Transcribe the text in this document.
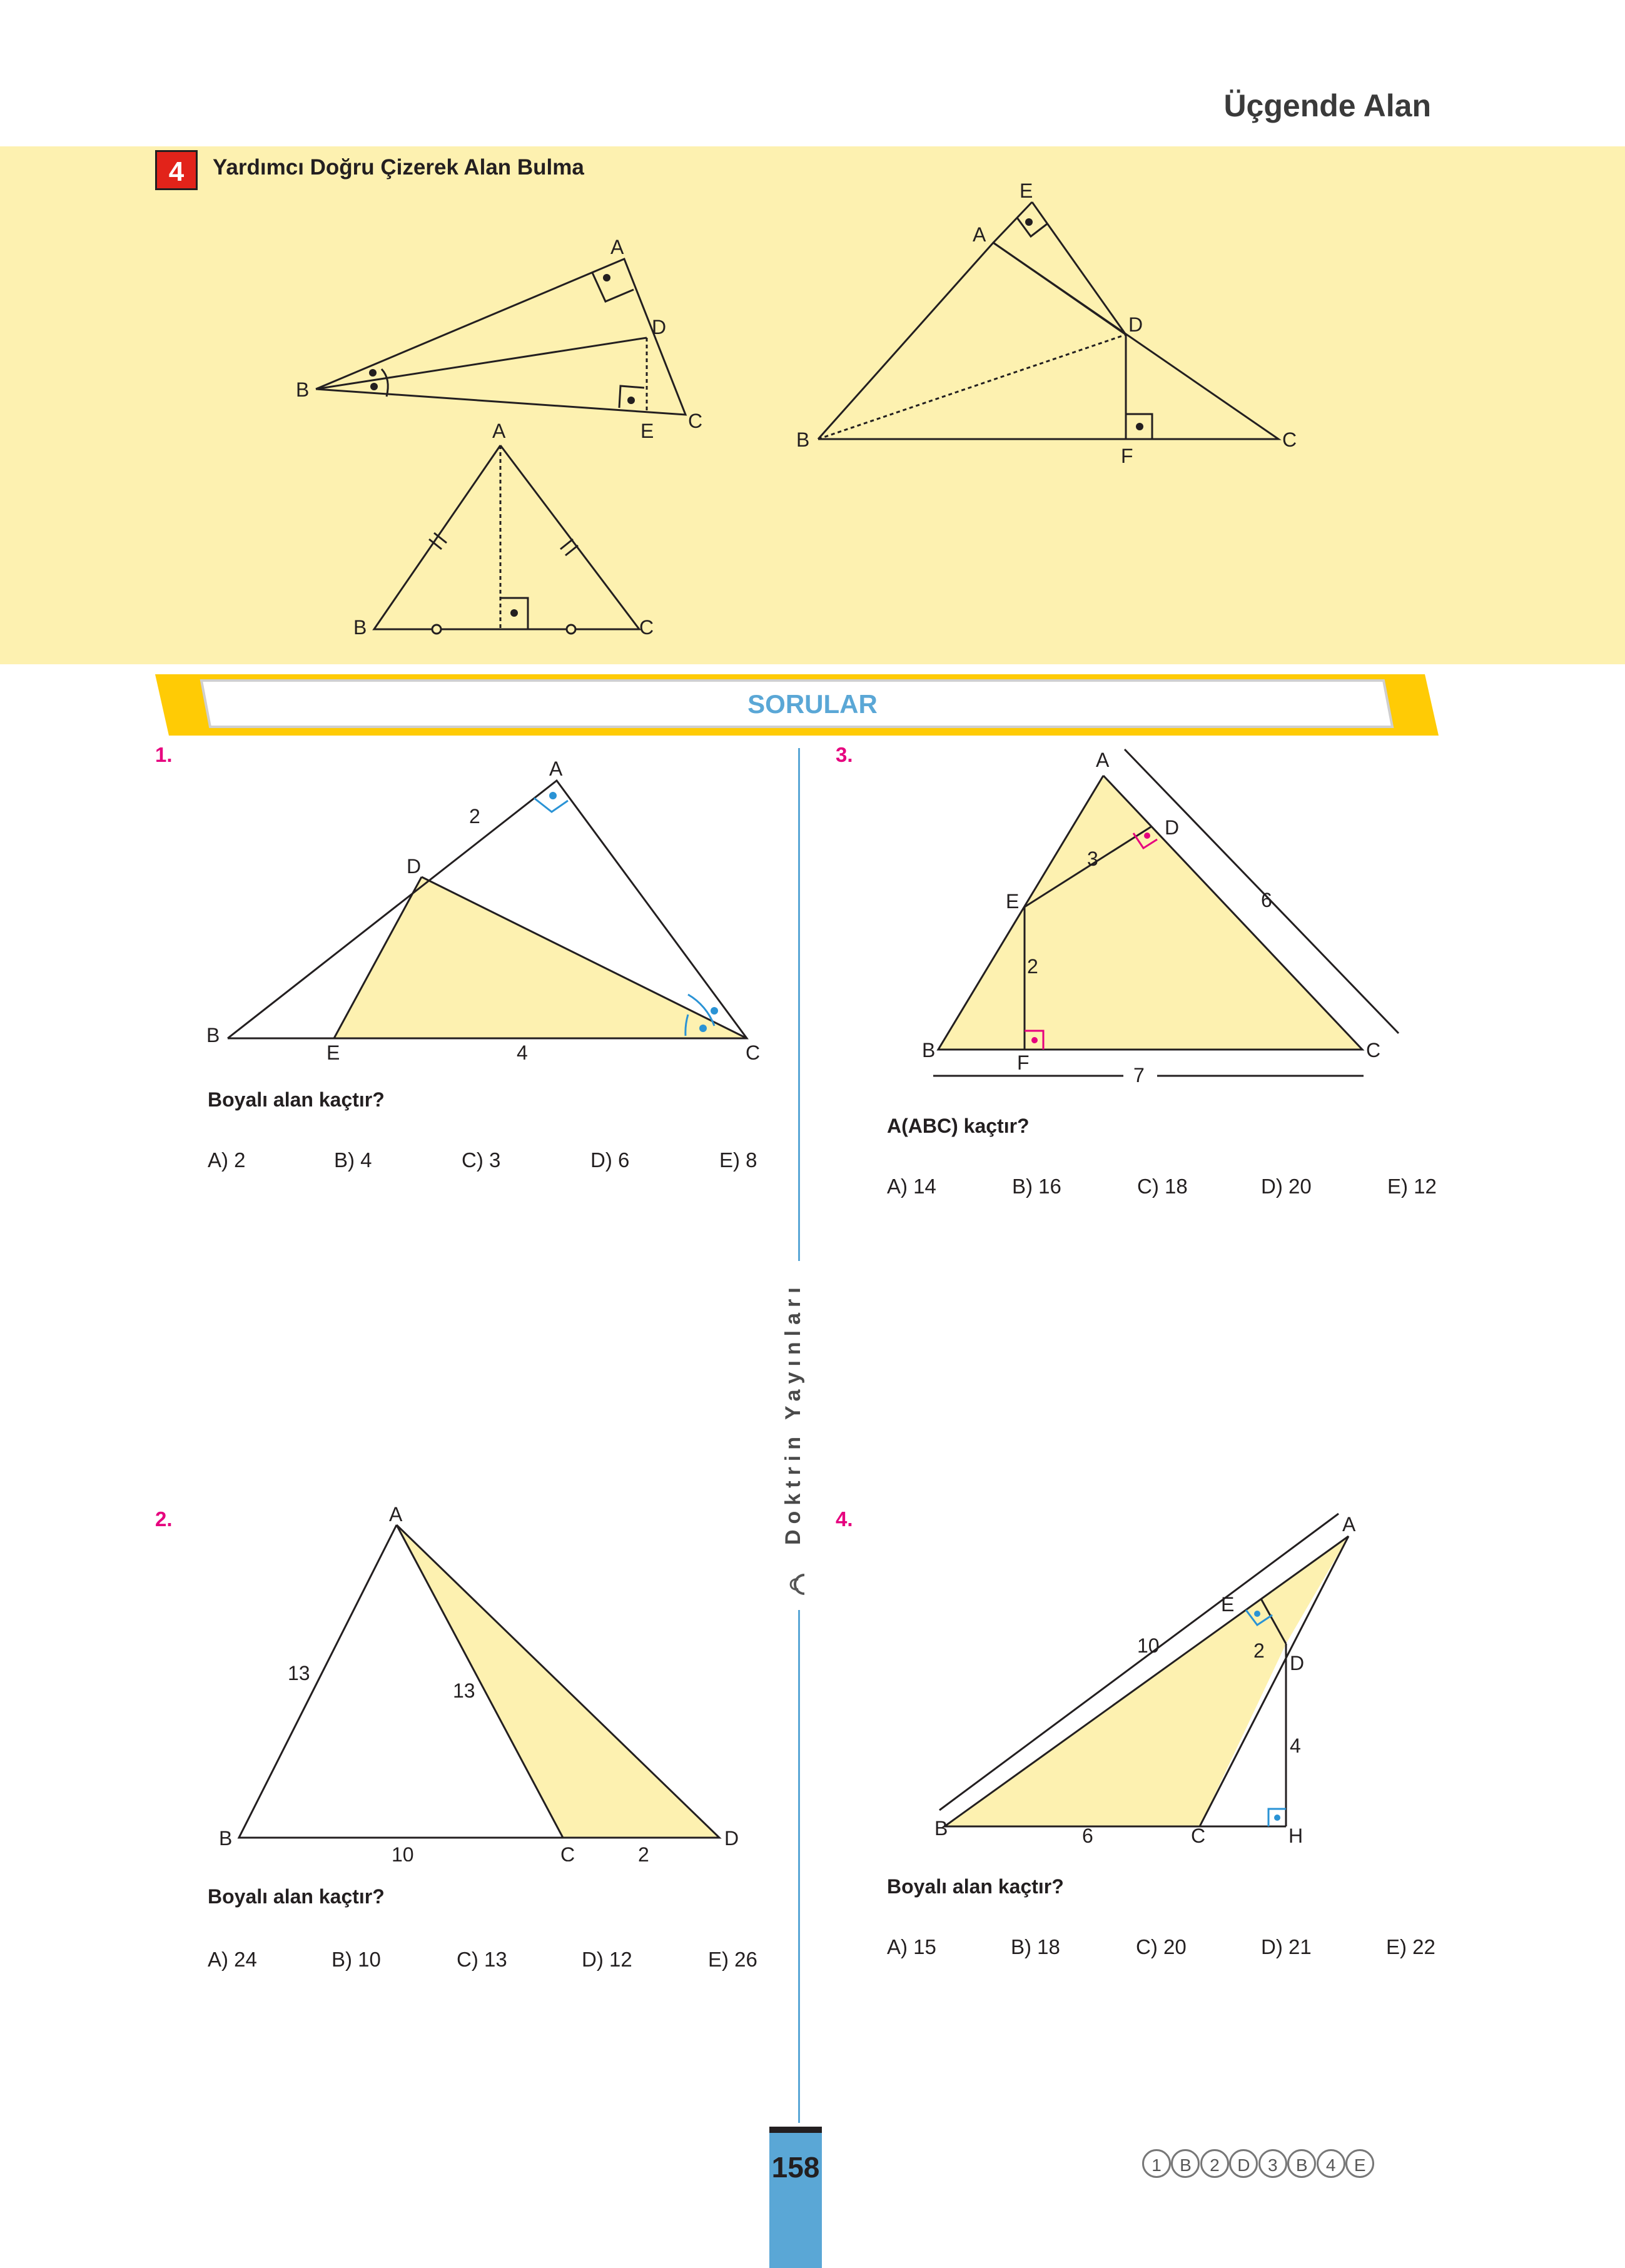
Üçgende Alan
4	Yardımcı Doğru Çizerek Alan Bulma
A
D
B
C
E
A
B	C
E
A
D
B	C
F
SORULAR
Doktrin Yayınları
1.
A
D
B
E	C
2
4
Boyalı alan kaçtır?
A) 2	B) 4	C) 3	D) 6	E) 8
2.	A
B
C
D
13
13
10	2
Boyalı alan kaçtır?
A) 24	B) 10	C) 13	D) 12	E) 26
3.	A
D
E
B
F
C
3
2
6
7
A(ABC) kaçtır?
A) 14	B) 16	C) 18	D) 20	E) 12
4.	A
E
D
B	C	H
10	2
4
6
Boyalı alan kaçtır?
A) 15	B) 18	C) 20	D) 21	E) 22
158	1 B 2 D 3 B 4 E
